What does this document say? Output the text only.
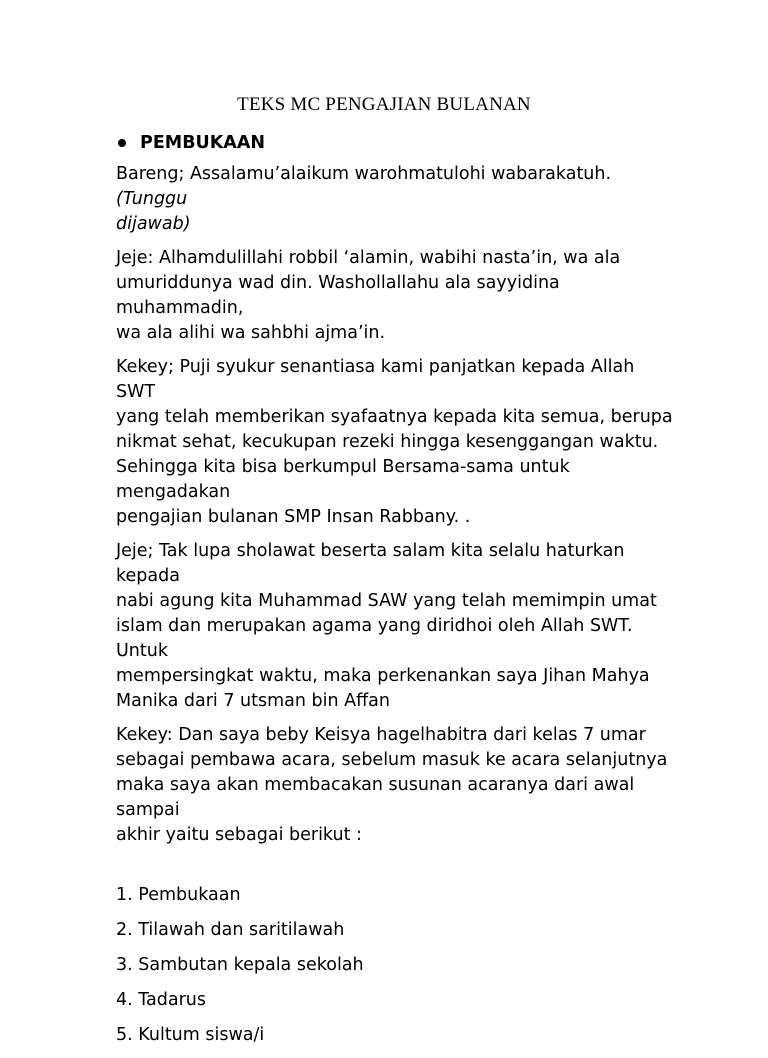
TEKS MC PENGAJIAN BULANAN
PEMBUKAAN

Bareng; Assalamu’alaikum warohmatulohi wabarakatuh. (Tunggu
dijawab)

Jeje: Alhamdulillahi robbil ‘alamin, wabihi nasta’in, wa ala
umuriddunya wad din. Washollallahu ala sayyidina muhammadin,
wa ala alihi wa sahbhi ajma’in.

Kekey; Puji syukur senantiasa kami panjatkan kepada Allah SWT
yang telah memberikan syafaatnya kepada kita semua, berupa
nikmat sehat, kecukupan rezeki hingga kesenggangan waktu.
Sehingga kita bisa berkumpul Bersama-sama untuk mengadakan
pengajian bulanan SMP Insan Rabbany. .

Jeje; Tak lupa sholawat beserta salam kita selalu haturkan kepada
nabi agung kita Muhammad SAW yang telah memimpin umat
islam dan merupakan agama yang diridhoi oleh Allah SWT. Untuk
mempersingkat waktu, maka perkenankan saya Jihan Mahya
Manika dari 7 utsman bin Affan

Kekey: Dan saya beby Keisya hagelhabitra dari kelas 7 umar
sebagai pembawa acara, sebelum masuk ke acara selanjutnya
maka saya akan membacakan susunan acaranya dari awal sampai
akhir yaitu sebagai berikut :

1. Pembukaan
2. Tilawah dan saritilawah
3. Sambutan kepala sekolah
4. Tadarus
5. Kultum siswa/i
